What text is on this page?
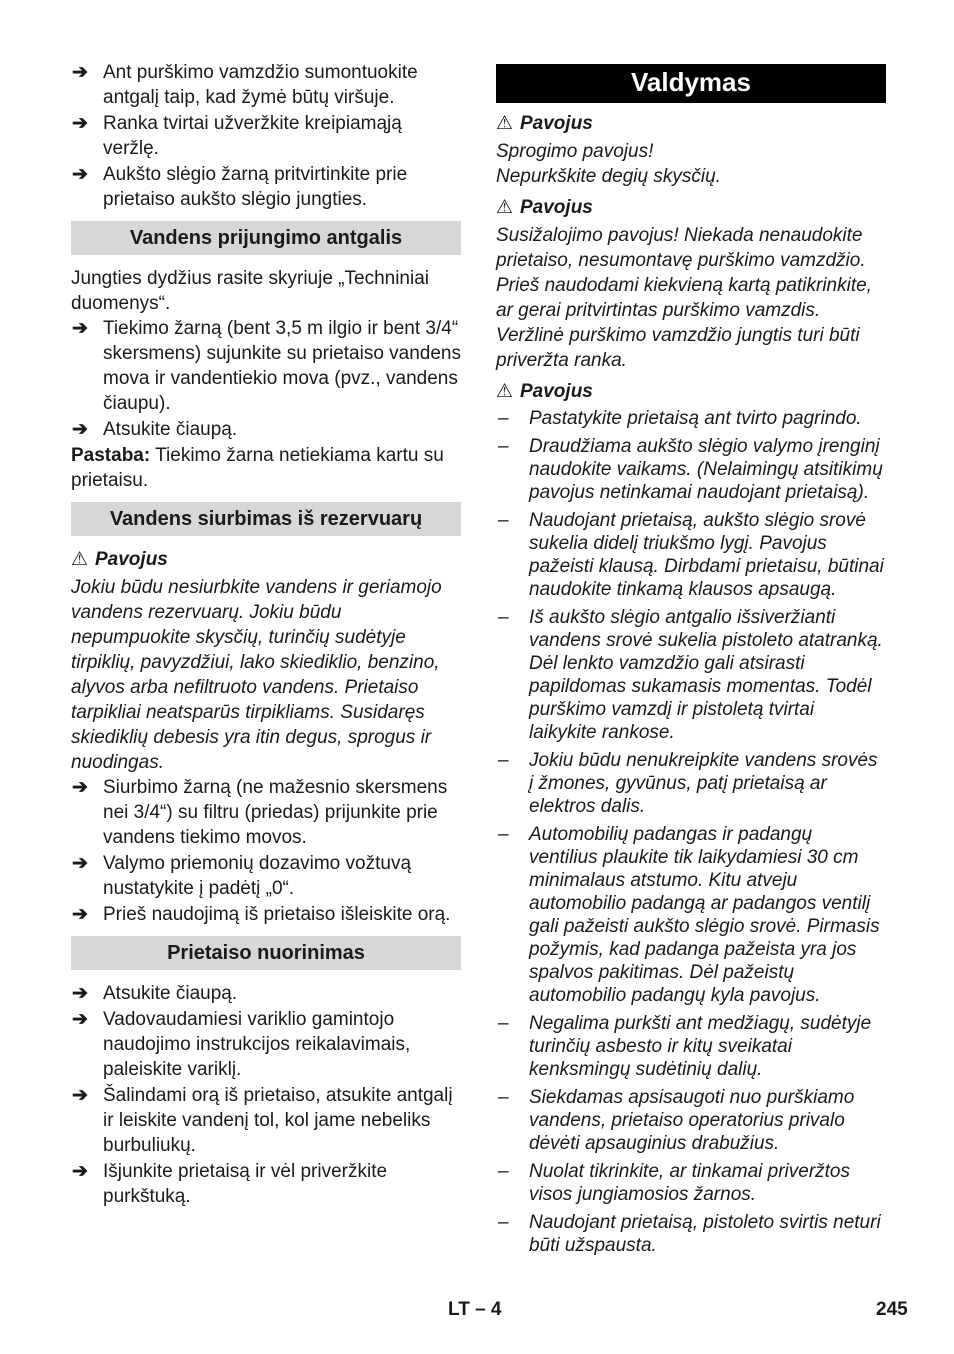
➔ Ant purškimo vamzdžio sumontuokite antgalį taip, kad žymė būtų viršuje.
➔ Ranka tvirtai užveržkite kreipiamąją veržlę.
➔ Aukšto slėgio žarną pritvirtinkite prie prietaiso aukšto slėgio jungties.
Vandens prijungimo antgalis

Jungties dydžius rasite skyriuje „Techniniai duomenys“.

➔ Tiekimo žarną (bent 3,5 m ilgio ir bent 3/4“ skersmens) sujunkite su prietaiso vandens mova ir vandentiekio mova (pvz., vandens čiaupu).
➔ Atsukite čiaupą.

Pastaba: Tiekimo žarna netiekiama kartu su prietaisu.

Vandens siurbimas iš rezervuarų
⚠ Pavojus

Jokiu būdu nesiurbkite vandens ir geriamojo vandens rezervuarų. Jokiu būdu nepumpuokite skysčių, turinčių sudėtyje tirpiklių, pavyzdžiui, lako skiediklio, benzino, alyvos arba nefiltruoto vandens. Prietaiso tarpikliai neatsparūs tirpikliams. Susidaręs skiediklių debesis yra itin degus, sprogus ir nuodingas.

➔ Siurbimo žarną (ne mažesnio skersmens nei 3/4“) su filtru (priedas) prijunkite prie vandens tiekimo movos.
➔ Valymo priemonių dozavimo vožtuvą nustatykite į padėtį „0“.
➔ Prieš naudojimą iš prietaiso išleiskite orą.
Prietaiso nuorinimas
➔ Atsukite čiaupą.
➔ Vadovaudamiesi variklio gamintojo naudojimo instrukcijos reikalavimais, paleiskite variklį.
➔ Šalindami orą iš prietaiso, atsukite antgalį ir leiskite vandenį tol, kol jame nebeliks burbuliukų.
➔ Išjunkite prietaisą ir vėl priveržkite purkštuką.
Valdymas
⚠ Pavojus

Sprogimo pavojus!

Nepurkškite degių skysčių.

⚠ Pavojus

Susižalojimo pavojus! Niekada nenaudokite prietaiso, nesumontavę purškimo vamzdžio. Prieš naudodami kiekvieną kartą patikrinkite, ar gerai pritvirtintas purškimo vamzdis. Veržlinė purškimo vamzdžio jungtis turi būti priveržta ranka.

⚠ Pavojus
– Pastatykite prietaisą ant tvirto pagrindo.
– Draudžiama aukšto slėgio valymo įrenginį naudokite vaikams. (Nelaimingų atsitikimų pavojus netinkamai naudojant prietaisą).
– Naudojant prietaisą, aukšto slėgio srovė sukelia didelį triukšmo lygį. Pavojus pažeisti klausą. Dirbdami prietaisu, būtinai naudokite tinkamą klausos apsaugą.
– Iš aukšto slėgio antgalio išsiveržianti vandens srovė sukelia pistoleto atatranką. Dėl lenkto vamzdžio gali atsirasti papildomas sukamasis momentas. Todėl purškimo vamzdį ir pistoletą tvirtai laikykite rankose.
– Jokiu būdu nenukreipkite vandens srovės į žmones, gyvūnus, patį prietaisą ar elektros dalis.
– Automobilių padangas ir padangų ventilius plaukite tik laikydamiesi 30 cm minimalaus atstumo. Kitu atveju automobilio padangą ar padangos ventilį gali pažeisti aukšto slėgio srovė. Pirmasis požymis, kad padanga pažeista yra jos spalvos pakitimas. Dėl pažeistų automobilio padangų kyla pavojus.
– Negalima purkšti ant medžiagų, sudėtyje turinčių asbesto ir kitų sveikatai kenksmingų sudėtinių dalių.
– Siekdamas apsisaugoti nuo purškiamo vandens, prietaiso operatorius privalo dėvėti apsauginius drabužius.
– Nuolat tikrinkite, ar tinkamai priveržtos visos jungiamosios žarnos.
– Naudojant prietaisą, pistoleto svirtis neturi būti užspausta.
LT – 4	245
